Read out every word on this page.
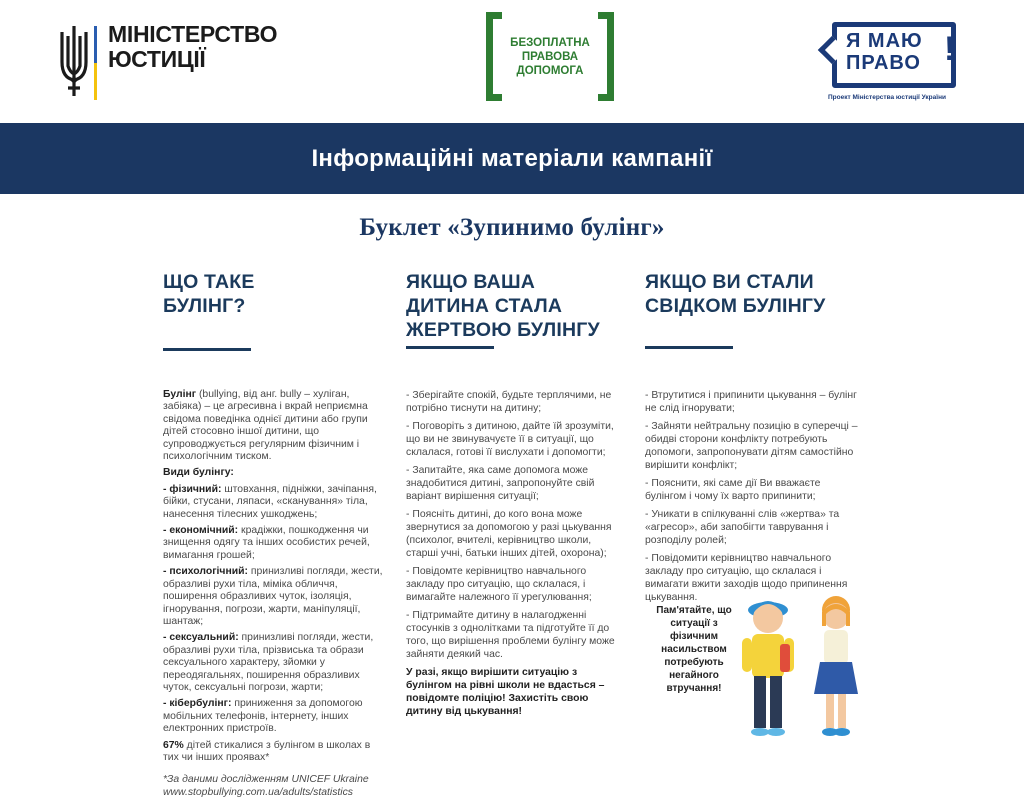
МІНІСТЕРСТВО
ЮСТИЦІЇ
БЕЗОПЛАТНА
ПРАВОВА
ДОПОМОГА
Я МАЮ
ПРАВО !
Проект Міністерства юстиції України
Інформаційні матеріали кампанії
Буклет «Зупинимо булінг»
ЩО ТАКЕ БУЛІНГ?
ЯКЩО ВАША ДИТИНА СТАЛА ЖЕРТВОЮ БУЛІНГУ
ЯКЩО ВИ СТАЛИ СВІДКОМ БУЛІНГУ

Булінг (bullying, від анг. bully – хуліган, забіяка) – це агресивна і вкрай неприємна свідома поведінка однієї дитини або групи дітей стосовно іншої дитини, що супроводжується регулярним фізичним і психологічним тиском.

Види булінгу:

- фізичний: штовхання, підніжки, зачіпання, бійки, стусани, ляпаси, «сканування» тіла, нанесення тілесних ушкоджень;

- економічний: крадіжки, пошкодження чи знищення одягу та інших особистих речей, вимагання грошей;

- психологічний: принизливі погляди, жести, образливі рухи тіла, міміка обличчя, поширення образливих чуток, ізоляція, ігнорування, погрози, жарти, маніпуляції, шантаж;

- сексуальний: принизливі погляди, жести, образливі рухи тіла, прізвиська та образи сексуального характеру, зйомки у переодягальнях, поширення образливих чуток, сексуальні погрози, жарти;

- кібербулінг: приниження за допомогою мобільних телефонів, інтернету, інших електронних пристроїв.

67% дітей стикалися з булінгом в школах в тих чи інших проявах*

*За даними дослідженням UNICEF Ukraine
www.stopbullying.com.ua/adults/statistics

- Зберігайте спокій, будьте терплячими, не потрібно тиснути на дитину;

- Поговоріть з дитиною, дайте їй зрозуміти, що ви не звинувачуєте її в ситуації, що склалася, готові її вислухати і допомогти;

- Запитайте, яка саме допомога може знадобитися дитині, запропонуйте свій варіант вирішення ситуації;

- Поясніть дитині, до кого вона може звернутися за допомогою у разі цькування (психолог, вчителі, керівництво школи, старші учні, батьки інших дітей, охорона);

- Повідомте керівництво навчального закладу про ситуацію, що склалася, і вимагайте належного її урегулювання;

- Підтримайте дитину в налагодженні стосунків з однолітками та підготуйте її до того, що вирішення проблеми булінгу може зайняти деякий час.

У разі, якщо вирішити ситуацію з булінгом на рівні школи не вдасться – повідомте поліцію! Захистіть свою дитину від цькування!

- Втрутитися і припинити цькування – булінг не слід ігнорувати;

- Зайняти нейтральну позицію в суперечці – обидві сторони конфлікту потребують допомоги, запропонувати дітям самостійно вирішити конфлікт;

- Пояснити, які саме дії Ви вважаєте булінгом і чому їх варто припинити;

- Уникати в спілкуванні слів «жертва» та «агресор», аби запобігти таврування і розподілу ролей;

- Повідомити керівництво навчального закладу про ситуацію, що склалася і вимагати вжити заходів щодо припинення цькування.

Пам'ятайте, що ситуації з фізичним насильством потребують негайного втручання!
